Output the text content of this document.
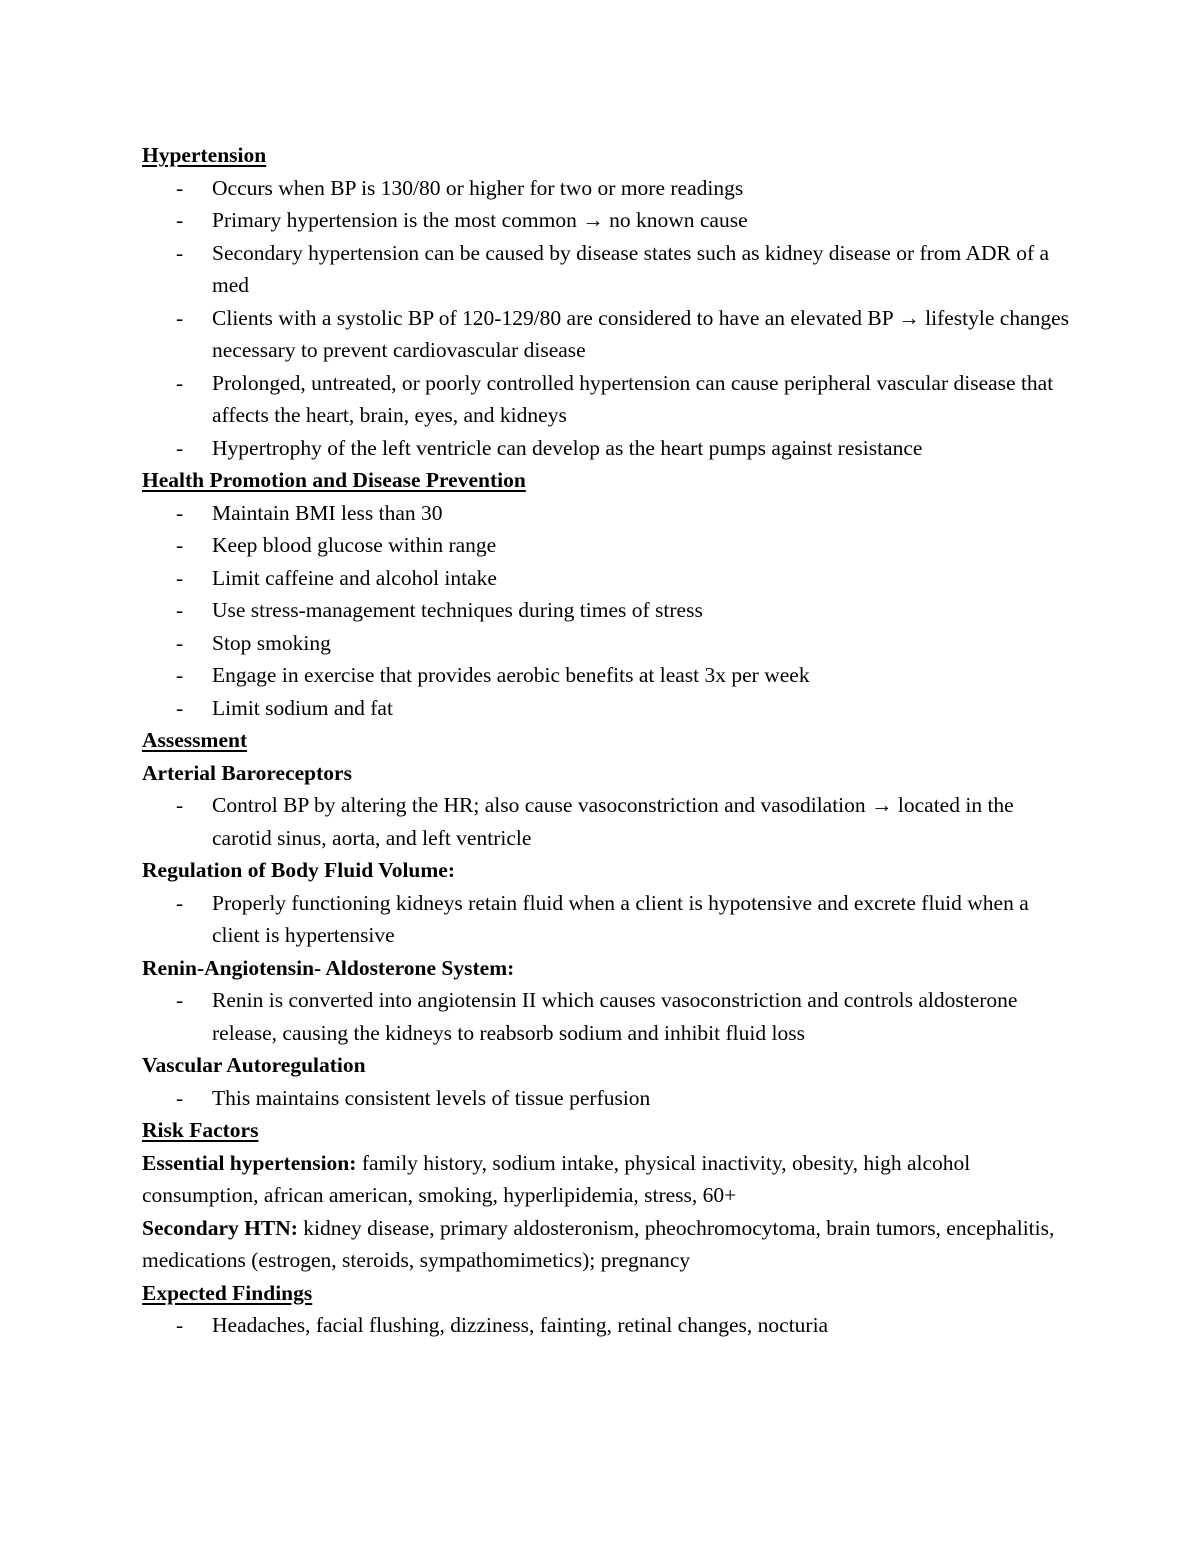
Hypertension
- Occurs when BP is 130/80 or higher for two or more readings
- Primary hypertension is the most common → no known cause
- Secondary hypertension can be caused by disease states such as kidney disease or from ADR of a med
- Clients with a systolic BP of 120-129/80 are considered to have an elevated BP → lifestyle changes necessary to prevent cardiovascular disease
- Prolonged, untreated, or poorly controlled hypertension can cause peripheral vascular disease that affects the heart, brain, eyes, and kidneys
- Hypertrophy of the left ventricle can develop as the heart pumps against resistance
Health Promotion and Disease Prevention
- Maintain BMI less than 30
- Keep blood glucose within range
- Limit caffeine and alcohol intake
- Use stress-management techniques during times of stress
- Stop smoking
- Engage in exercise that provides aerobic benefits at least 3x per week
- Limit sodium and fat
Assessment
Arterial Baroreceptors
- Control BP by altering the HR; also cause vasoconstriction and vasodilation → located in the carotid sinus, aorta, and left ventricle
Regulation of Body Fluid Volume:
- Properly functioning kidneys retain fluid when a client is hypotensive and excrete fluid when a client is hypertensive
Renin-Angiotensin- Aldosterone System:
- Renin is converted into angiotensin II which causes vasoconstriction and controls aldosterone release, causing the kidneys to reabsorb sodium and inhibit fluid loss
Vascular Autoregulation
- This maintains consistent levels of tissue perfusion
Risk Factors
Essential hypertension: family history, sodium intake, physical inactivity, obesity, high alcohol consumption, african american, smoking, hyperlipidemia, stress, 60+
Secondary HTN: kidney disease, primary aldosteronism, pheochromocytoma, brain tumors, encephalitis, medications (estrogen, steroids, sympathomimetics); pregnancy
Expected Findings
- Headaches, facial flushing, dizziness, fainting, retinal changes, nocturia
